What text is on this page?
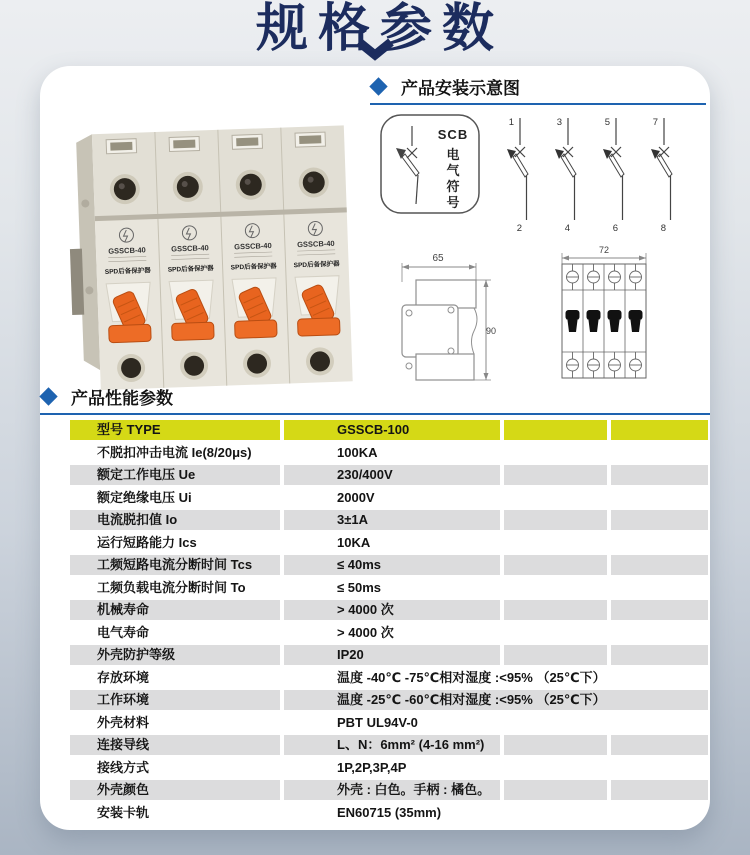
规格参数
GSSCB-40
SPD后备保护器
GSSCB-40
SPD后备保护器
GSSCB-40
SPD后备保护器
GSSCB-40
SPD后备保护器
产品安装示意图
SCB
电
气
符
号
1
2
3
4
5
6
7
8
65
90
72
产品性能参数
型号 TYPE	GSSCB-100
不脱扣冲击电流 Ie(8/20μs)	100KA
额定工作电压 Ue	230/400V
额定绝缘电压 Ui	2000V
电流脱扣值 Io	3±1A
运行短路能力 Ics	10KA
工频短路电流分断时间 Tcs	≤ 40ms
工频负载电流分断时间 To	≤ 50ms
机械寿命	> 4000 次
电气寿命	> 4000 次
外壳防护等级	IP20
存放环境	温度 -40℃ -75℃相对湿度 :<95% （25℃下）
工作环境	温度 -25℃ -60℃相对湿度 :<95% （25℃下）
外壳材料	PBT UL94V-0
连接导线	L、N：6mm² (4-16 mm²)
接线方式	1P,2P,3P,4P
外壳颜色	外壳 : 白色。手柄 : 橘色。
安装卡轨	EN60715 (35mm)
